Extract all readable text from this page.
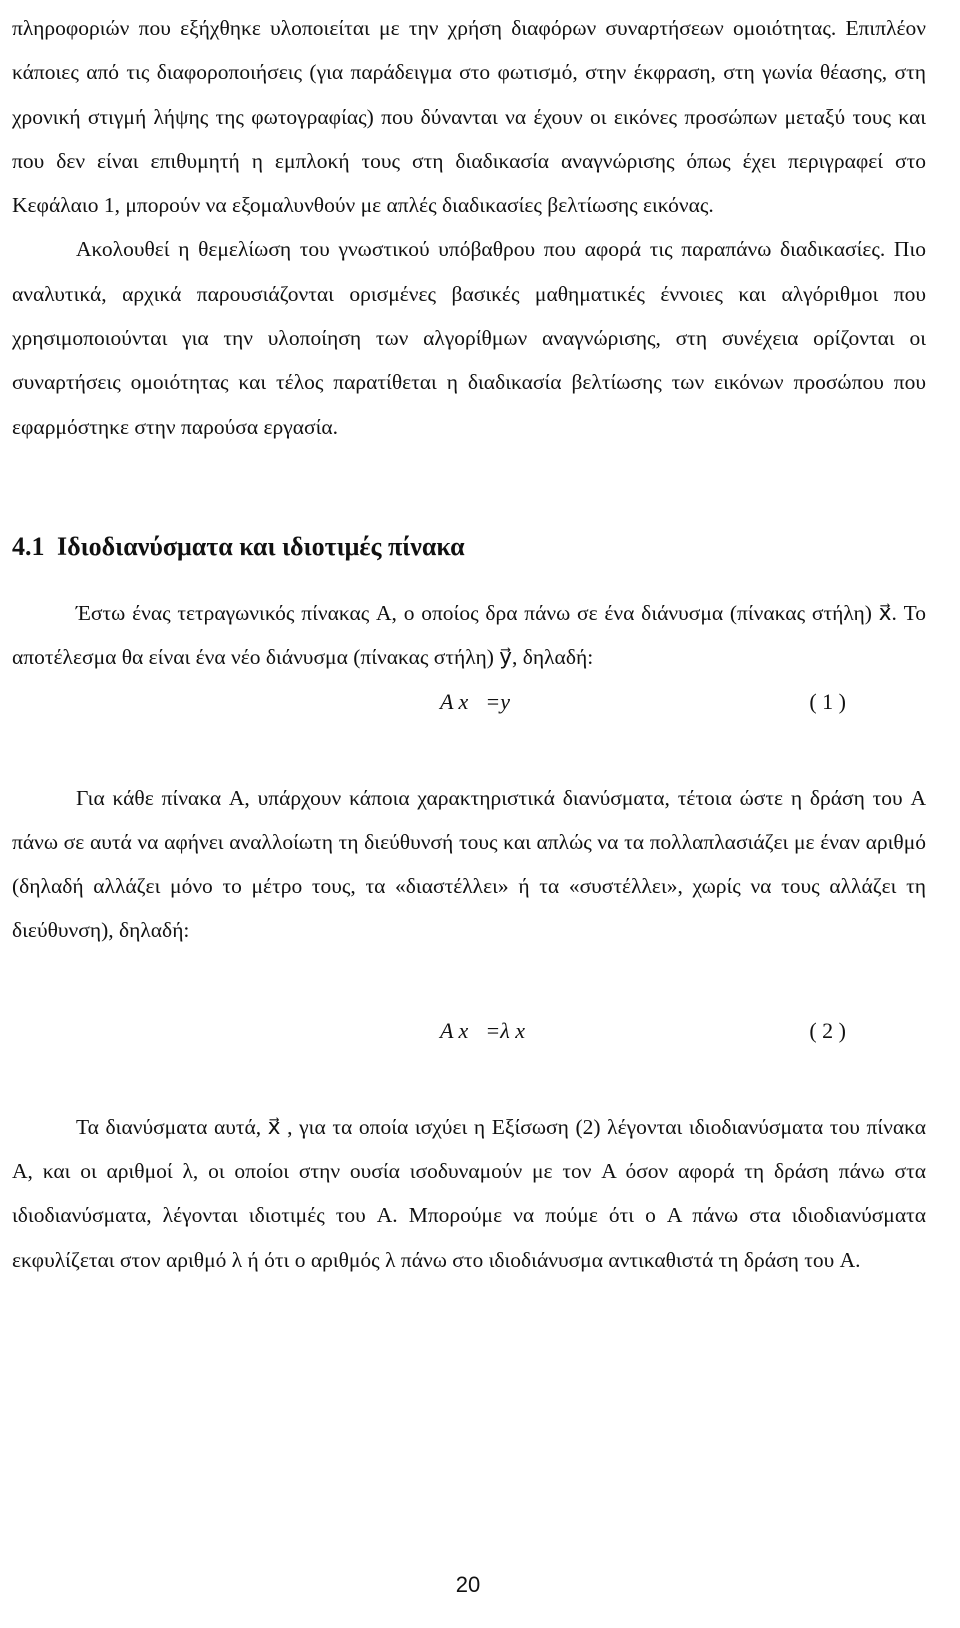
πληροφοριών που εξήχθηκε υλοποιείται με την χρήση διαφόρων συναρτήσεων ομοιότητας. Επιπλέον κάποιες από τις διαφοροποιήσεις (για παράδειγμα στο φωτισμό, στην έκφραση, στη γωνία θέασης, στη χρονική στιγμή λήψης της φωτογραφίας) που δύνανται να έχουν οι εικόνες προσώπων μεταξύ τους και που δεν είναι επιθυμητή η εμπλοκή τους στη διαδικασία αναγνώρισης όπως έχει περιγραφεί στο Κεφάλαιο 1, μπορούν να εξομαλυνθούν με απλές διαδικασίες βελτίωσης εικόνας.

Ακολουθεί η θεμελίωση του γνωστικού υπόβαθρου που αφορά τις παραπάνω διαδικασίες. Πιο αναλυτικά, αρχικά παρουσιάζονται ορισμένες βασικές μαθηματικές έννοιες και αλγόριθμοι που χρησιμοποιούνται για την υλοποίηση των αλγορίθμων αναγνώρισης, στη συνέχεια ορίζονται οι συναρτήσεις ομοιότητας και τέλος παρατίθεται η διαδικασία βελτίωσης των εικόνων προσώπου που εφαρμόστηκε στην παρούσα εργασία.

4.1 Ιδιοδιανύσματα και ιδιοτιμές πίνακα

Έστω ένας τετραγωνικός πίνακας A, ο οποίος δρα πάνω σε ένα διάνυσμα (πίνακας στήλη) x⃗. Το αποτέλεσμα θα είναι ένα νέο διάνυσμα (πίνακας στήλη) y⃗, δηλαδή:

A x⃗=y⃗	( 1 )

Για κάθε πίνακα A, υπάρχουν κάποια χαρακτηριστικά διανύσματα, τέτοια ώστε η δράση του A πάνω σε αυτά να αφήνει αναλλοίωτη τη διεύθυνσή τους και απλώς να τα πολλαπλασιάζει με έναν αριθμό (δηλαδή αλλάζει μόνο το μέτρο τους, τα «διαστέλλει» ή τα «συστέλλει», χωρίς να τους αλλάζει τη διεύθυνση), δηλαδή:

A x⃗=λ x⃗	( 2 )

Τα διανύσματα αυτά, x⃗ , για τα οποία ισχύει η Εξίσωση (2) λέγονται ιδιοδιανύσματα του πίνακα A, και οι αριθμοί λ, οι οποίοι στην ουσία ισοδυναμούν με τον A όσον αφορά τη δράση πάνω στα ιδιοδιανύσματα, λέγονται ιδιοτιμές του A. Μπορούμε να πούμε ότι ο A πάνω στα ιδιοδιανύσματα εκφυλίζεται στον αριθμό λ ή ότι ο αριθμός λ πάνω στο ιδιοδιάνυσμα αντικαθιστά τη δράση του A.

20
